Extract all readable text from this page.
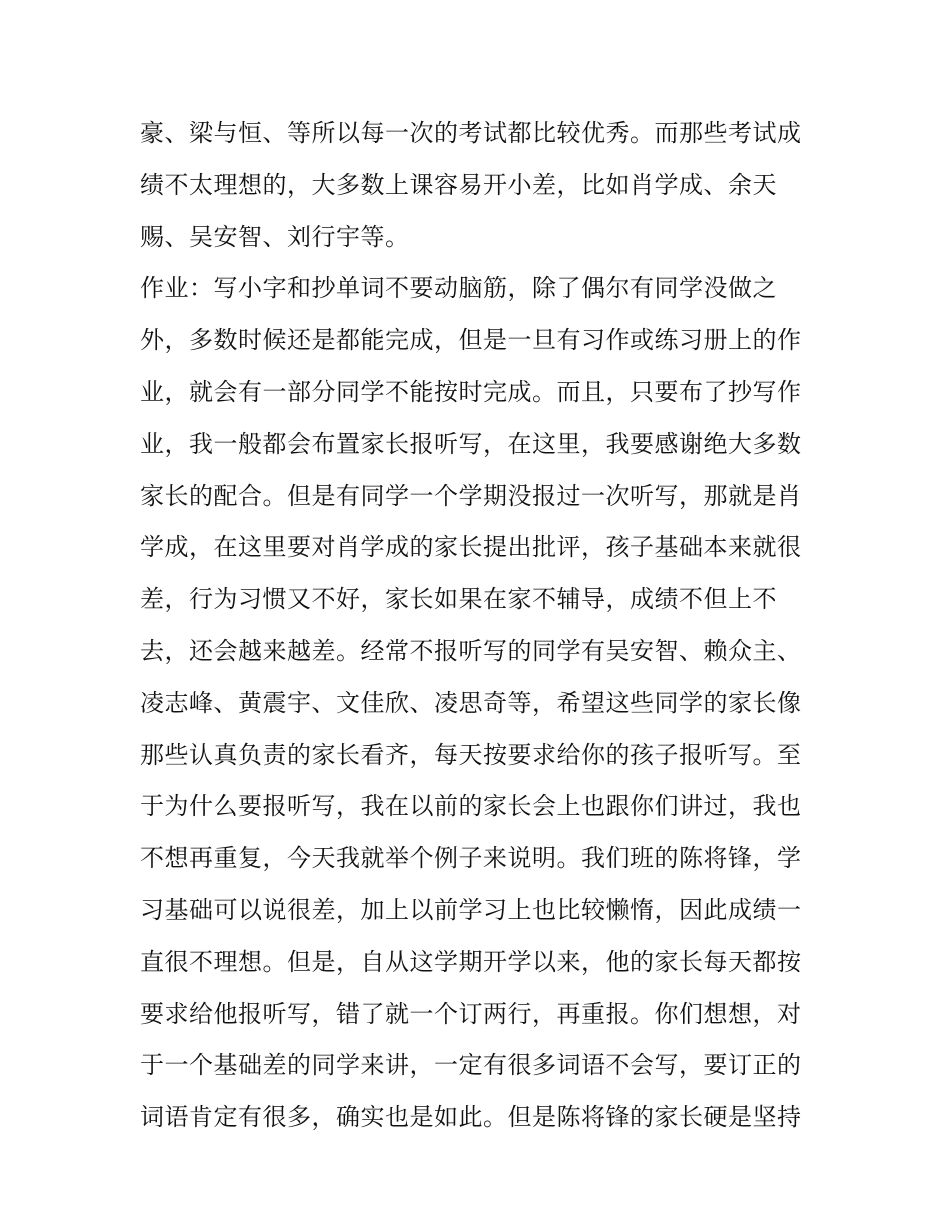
豪、梁与恒、等所以每一次的考试都比较优秀。而那些考试成
绩不太理想的，大多数上课容易开小差，比如肖学成、余天
赐、吴安智、刘行宇等。
作业：写小字和抄单词不要动脑筋，除了偶尔有同学没做之
外，多数时候还是都能完成，但是一旦有习作或练习册上的作
业，就会有一部分同学不能按时完成。而且，只要布了抄写作
业，我一般都会布置家长报听写，在这里，我要感谢绝大多数
家长的配合。但是有同学一个学期没报过一次听写，那就是肖
学成，在这里要对肖学成的家长提出批评，孩子基础本来就很
差，行为习惯又不好，家长如果在家不辅导，成绩不但上不
去，还会越来越差。经常不报听写的同学有吴安智、赖众主、
凌志峰、黄震宇、文佳欣、凌思奇等，希望这些同学的家长像
那些认真负责的家长看齐，每天按要求给你的孩子报听写。至
于为什么要报听写，我在以前的家长会上也跟你们讲过，我也
不想再重复，今天我就举个例子来说明。我们班的陈将锋，学
习基础可以说很差，加上以前学习上也比较懒惰，因此成绩一
直很不理想。但是，自从这学期开学以来，他的家长每天都按
要求给他报听写，错了就一个订两行，再重报。你们想想，对
于一个基础差的同学来讲，一定有很多词语不会写，要订正的
词语肯定有很多，确实也是如此。但是陈将锋的家长硬是坚持
